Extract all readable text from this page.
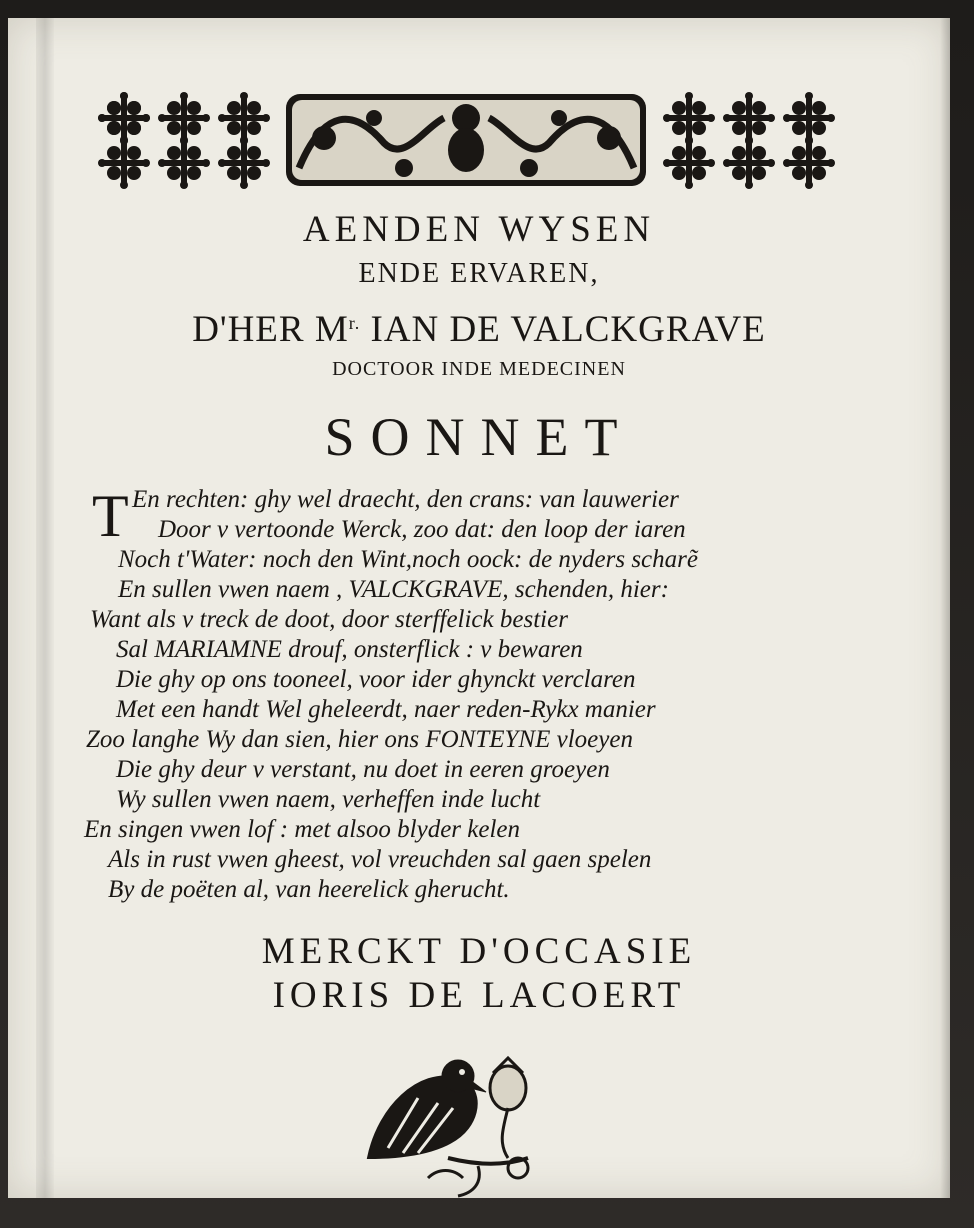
AENDEN WYSEN
ENDE ERVAREN,
D'HER $M^{r.}$ IAN DE VALCKGRAVE
DOCTOOR INDE MEDECINEN
SONNET
T En rechten: ghy wel draecht, den crans: van lauwerier
Door v vertoonde Werck, zoo dat: den loop der iaren
Noch t'Water: noch den Wint,noch oock: de nyders scharẽ
En sullen vwen naem , VALCKGRAVE, schenden, hier:
Want als v treck de doot, door sterffelick bestier
Sal MARIAMNE drouf, onsterflick : v bewaren
Die ghy op ons tooneel, voor ider ghynckt verclaren
Met een handt Wel gheleerdt, naer reden-Rykx manier
Zoo langhe Wy dan sien, hier ons FONTEYNE vloeyen
Die ghy deur v verstant, nu doet in eeren groeyen
Wy sullen vwen naem, verheffen inde lucht
En singen vwen lof : met alsoo blyder kelen
Als in rust vwen gheest, vol vreuchden sal gaen spelen
By de poëten al, van heerelick gherucht.
MERCKT D'OCCASIE
IORIS DE LACOERT
